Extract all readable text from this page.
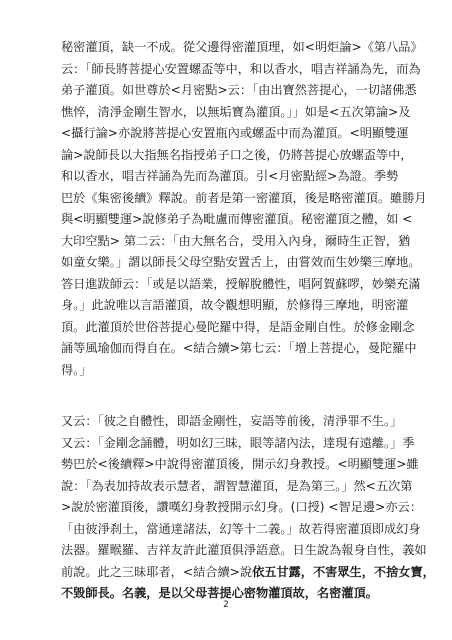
秘密灌頂，缺一不成。從父邊得密灌頂理，如<明炬論>《第八品》
云：「師長將菩提心安置螺盃等中，和以香水，唱吉祥誦為先，而為
弟子灌頂。如世尊於<月密點>云：「由出寶然菩提心，一切諸佛悉
憔悴，清淨金剛生智水，以無垢寶為灌頂。」」如是<五次第論>及
<攝行論>亦說將菩提心安置瓶內或螺盃中而為灌頂。<明顯雙運
論>說師長以大指無名指授弟子口之後，仍將菩提心放螺盃等中，
和以香水，唱吉祥誦為先而為灌頂。引<月密點經>為證。季勢
巴於《集密後續》釋說。前者是第一密灌頂，後是略密灌頂。雖勝月
與<明顯雙運>說修弟子為毗盧而傳密灌頂。秘密灌頂之體，如 <
大印空點> 第二云：「由大無名合，受用入內身，爾時生正智，猶
如童女樂。」謂以師長父母空點安置舌上，由嘗效而生妙樂三摩地。
答日進跋師云：「或是以語業，授解脫體性，唱阿賀蘇啰，妙樂充滿
身。」此說唯以言語灌頂，故令觀想明顯，於修得三摩地，明密灌
頂。此灌頂於世俗菩提心曼陀羅中得，是語金剛自性。於修金剛念
誦等風瑜伽而得自在。<結合續>第七云：「增上菩提心，曼陀羅中
得。」
又云：「彼之自體性，即語金剛性，妄語等前後，清淨罪不生。」
又云：「金剛念誦體，明如幻三昧，眼等諸內法，達現有遠離。」季
勢巴於<後續釋>中說得密灌頂後，開示幻身教授。<明顯雙運>雖
說：「為表加持故表示慧者，謂智慧灌頂，是為第三。」然<五次第
>說於密灌頂後，讚嘆幻身教授開示幻身。(口授) <智足邊>亦云：
「由彼淨刹土，當通達諸法，幻等十二義。」故若得密灌頂即成幻身
法器。羅睺羅、吉祥友許此灌頂俱淨語意。日生說為報身自性，義如
前說。此之三昧耶者，<結合續>說依五甘露，不害眾生，不捨女寶，
不毀師長。名義，是以父母菩提心密物灌頂故，名密灌頂。
2
